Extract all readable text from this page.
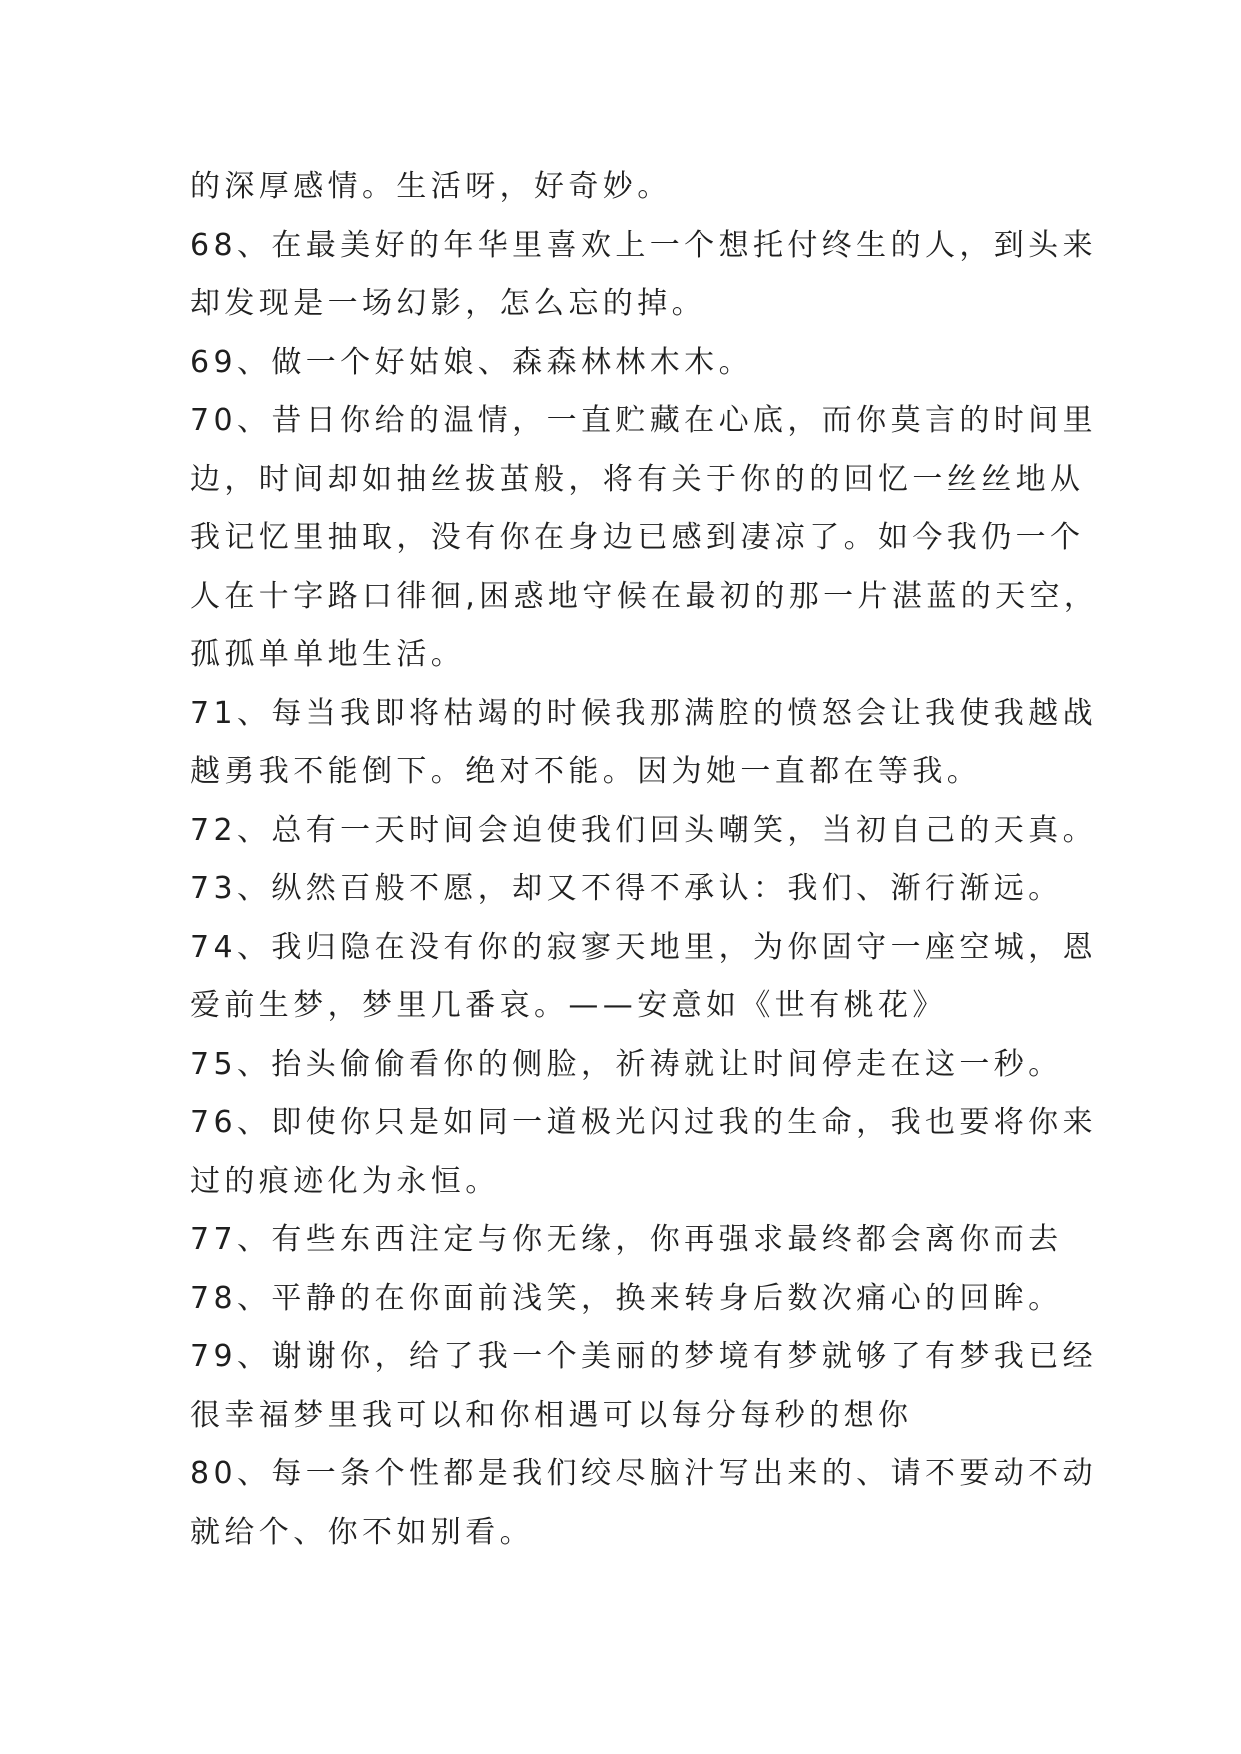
的深厚感情。生活呀，好奇妙。
68、在最美好的年华里喜欢上一个想托付终生的人，到头来
却发现是一场幻影，怎么忘的掉。
69、做一个好姑娘、森森林林木木。
70、昔日你给的温情，一直贮藏在心底，而你莫言的时间里
边，时间却如抽丝拔茧般，将有关于你的的回忆一丝丝地从
我记忆里抽取，没有你在身边已感到凄凉了。如今我仍一个
人在十字路口徘徊,困惑地守候在最初的那一片湛蓝的天空，
孤孤单单地生活。
71、每当我即将枯竭的时候我那满腔的愤怒会让我使我越战
越勇我不能倒下。绝对不能。因为她一直都在等我。
72、总有一天时间会迫使我们回头嘲笑，当初自己的天真。
73、纵然百般不愿，却又不得不承认：我们、渐行渐远。
74、我归隐在没有你的寂寥天地里，为你固守一座空城，恩
爱前生梦，梦里几番哀。——安意如《世有桃花》
75、抬头偷偷看你的侧脸，祈祷就让时间停走在这一秒。
76、即使你只是如同一道极光闪过我的生命，我也要将你来
过的痕迹化为永恒。
77、有些东西注定与你无缘，你再强求最终都会离你而去
78、平静的在你面前浅笑，换来转身后数次痛心的回眸。
79、谢谢你，给了我一个美丽的梦境有梦就够了有梦我已经
很幸福梦里我可以和你相遇可以每分每秒的想你
80、每一条个性都是我们绞尽脑汁写出来的、请不要动不动
就给个、你不如别看。
